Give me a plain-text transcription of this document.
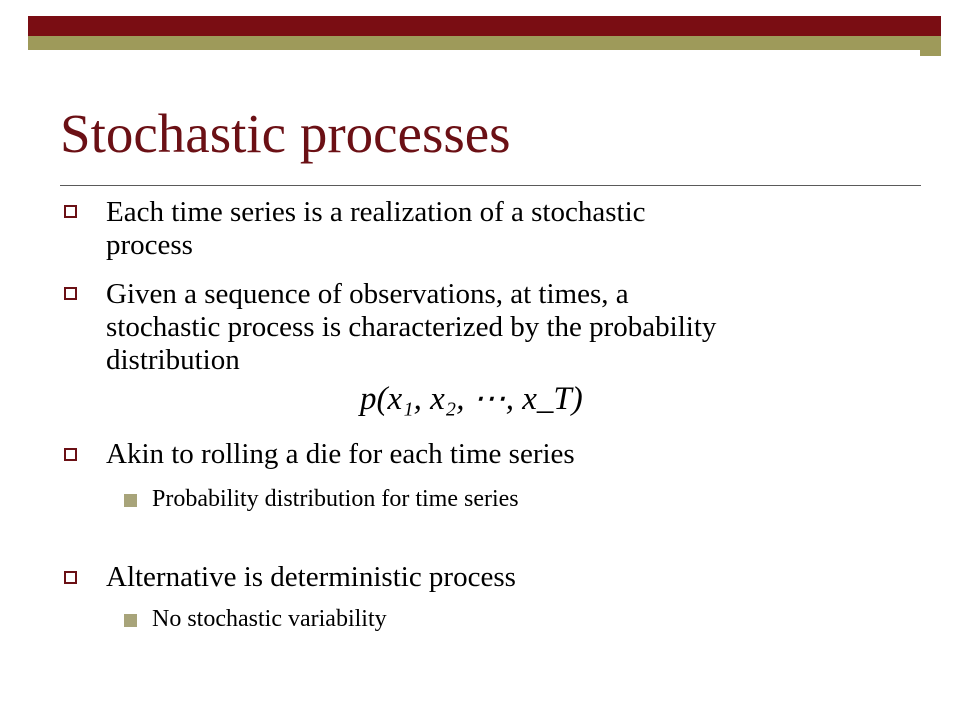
Stochastic processes
Each time series is a realization of a stochastic
process
Given a sequence of observations, at times, a
stochastic process is characterized by the probability
distribution
p(x₁, x₂, ⋯, x_T)
Akin to rolling a die for each time series
Probability distribution for time series
Alternative is deterministic process
No stochastic variability
